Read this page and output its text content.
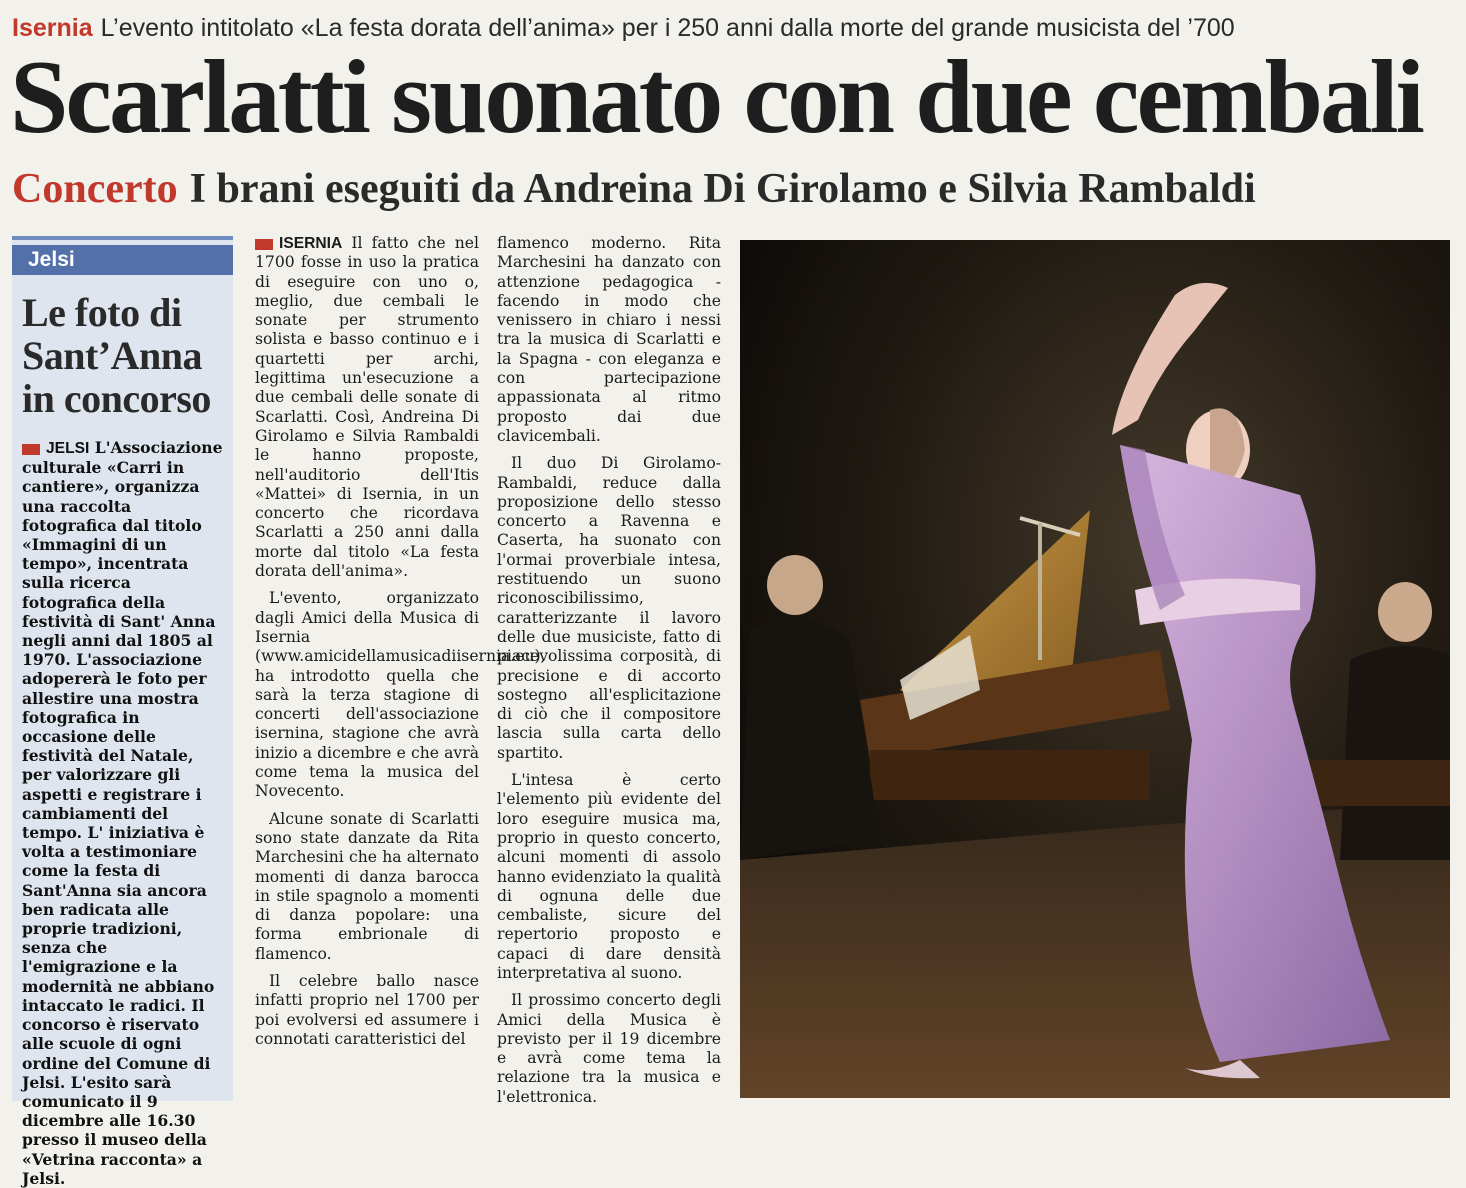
Isernia L’evento intitolato «La festa dorata dell’anima» per i 250 anni dalla morte del grande musicista del ’700
Scarlatti suonato con due cembali
Concerto I brani eseguiti da Andreina Di Girolamo e Silvia Rambaldi
Jelsi
Le foto di Sant’Anna in concorso
JELSI L'Associazione culturale «Carri in cantiere», organizza una raccolta fotografica dal titolo «Immagini di un tempo», incentrata sulla ricerca fotografica della festività di Sant' Anna negli anni dal 1805 al 1970. L'associazione adopererà le foto per allestire una mostra fotografica in occasione delle festività del Natale, per valorizzare gli aspetti e registrare i cambiamenti del tempo. L' iniziativa è volta a testimoniare come la festa di Sant'Anna sia ancora ben radicata alle proprie tradizioni, senza che l'emigrazione e la modernità ne abbiano intaccato le radici. Il concorso è riservato alle scuole di ogni ordine del Comune di Jelsi. L'esito sarà comunicato il 9 dicembre alle 16.30 presso il museo della «Vetrina racconta» a Jelsi.

ISERNIA Il fatto che nel 1700 fosse in uso la pratica di eseguire con uno o, meglio, due cembali le sonate per strumento solista e basso continuo e i quartetti per archi, legittima un'esecuzione a due cembali delle sonate di Scarlatti. Così, Andreina Di Girolamo e Silvia Rambaldi le hanno proposte, nell'auditorio dell'Itis «Mattei» di Isernia, in un concerto che ricordava Scarlatti a 250 anni dalla morte dal titolo «La festa dorata dell'anima».

L'evento, organizzato dagli Amici della Musica di Isernia (www.amicidellamusicadiisernia.eu), ha introdotto quella che sarà la terza stagione di concerti dell'associazione isernina, stagione che avrà inizio a dicembre e che avrà come tema la musica del Novecento.

Alcune sonate di Scarlatti sono state danzate da Rita Marchesini che ha alternato momenti di danza barocca in stile spagnolo a momenti di danza popolare: una forma embrionale di flamenco.

Il celebre ballo nasce infatti proprio nel 1700 per poi evolversi ed assumere i connotati caratteristici del

flamenco moderno. Rita Marchesini ha danzato con attenzione pedagogica - facendo in modo che venissero in chiaro i nessi tra la musica di Scarlatti e la Spagna - con eleganza e con partecipazione appassionata al ritmo proposto dai due clavicembali.

Il duo Di Girolamo-Rambaldi, reduce dalla proposizione dello stesso concerto a Ravenna e Caserta, ha suonato con l'ormai proverbiale intesa, restituendo un suono riconoscibilissimo, caratterizzante il lavoro delle due musiciste, fatto di piacevolissima corposità, di precisione e di accorto sostegno all'esplicitazione di ciò che il compositore lascia sulla carta dello spartito.

L'intesa è certo l'elemento più evidente del loro eseguire musica ma, proprio in questo concerto, alcuni momenti di assolo hanno evidenziato la qualità di ognuna delle due cembaliste, sicure del repertorio proposto e capaci di dare densità interpretativa al suono.

Il prossimo concerto degli Amici della Musica è previsto per il 19 dicembre e avrà come tema la relazione tra la musica e l'elettronica.
